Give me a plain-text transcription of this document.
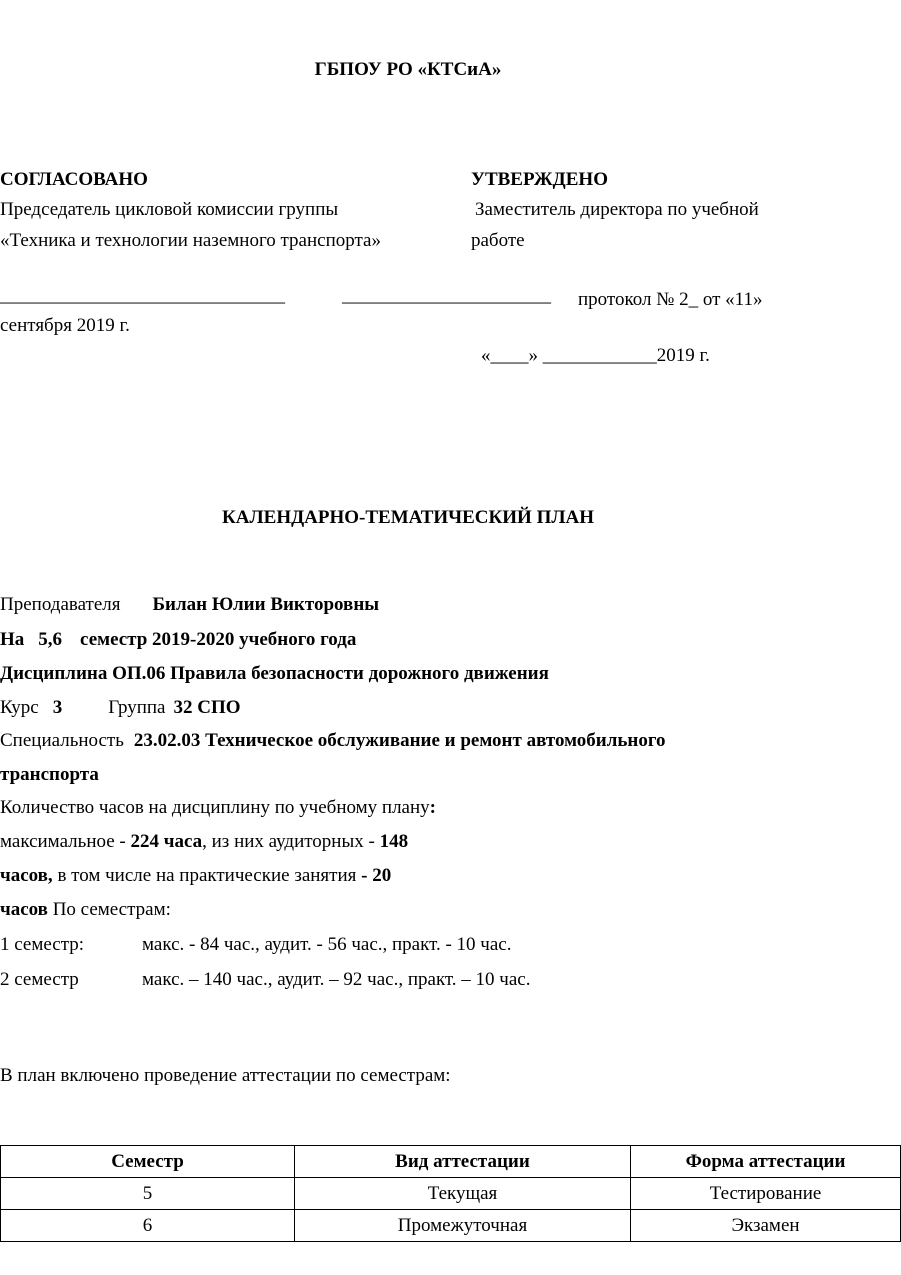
ГБПОУ РО «КТСиА»
СОГЛАСОВАНО
Председатель цикловой комиссии группы
«Техника и технологии наземного транспорта»
УТВЕРЖДЕНО
Заместитель директора по учебной
работе
______________________________	______________________ протокол № 2_ от «11»
сентября 2019 г.
«____» ____________2019 г.
КАЛЕНДАРНО-ТЕМАТИЧЕСКИЙ ПЛАН
Преподавателя Билан Юлии Викторовны
На 5,6 семестр 2019-2020 учебного года
Дисциплина ОП.06 Правила безопасности дорожного движения
Курс 3 Группа 32 СПО
Специальность 23.02.03 Техническое обслуживание и ремонт автомобильного
транспорта
Количество часов на дисциплину по учебному плану:
максимальное - 224 часа, из них аудиторных - 148
часов, в том числе на практические занятия - 20
часов По семестрам:
1 семестр:	макс. - 84 час., аудит. - 56 час., практ. - 10 час.
2 семестр	макс. – 140 час., аудит. – 92 час., практ. – 10 час.
В план включено проведение аттестации по семестрам:
Семестр	Вид аттестации	Форма аттестации
5	Текущая	Тестирование
6	Промежуточная	Экзамен
